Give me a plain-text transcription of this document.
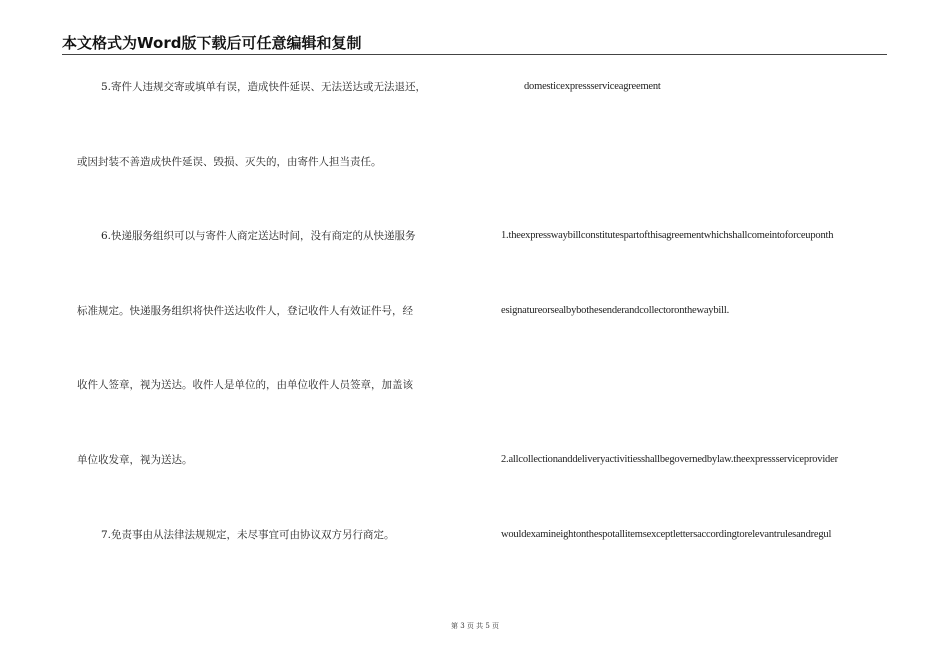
本文格式为Word版下载后可任意编辑和复制
5.寄件人违规交寄或填单有误，造成快件延误、无法送达或无法退还，
或因封装不善造成快件延误、毁损、灭失的，由寄件人担当责任。
6.快递服务组织可以与寄件人商定送达时间，没有商定的从快递服务
标准规定。快递服务组织将快件送达收件人，登记收件人有效证件号，经
收件人签章，视为送达。收件人是单位的，由单位收件人员签章，加盖该
单位收发章，视为送达。
7.免责事由从法律法规规定，未尽事宜可由协议双方另行商定。
domesticexpressserviceagreement
1.theexpresswaybillconstitutespartofthisagreementwhichshallcomeintoforceuponth
esignatureorsealbybothesenderandcollectoronthewaybill.
2.allcollectionanddeliveryactivitiesshallbegovernedbylaw.theexpressserviceprovider
wouldexamineightonthespotallitemsexceptlettersaccordingtorelevantrulesandregul
第 3 页 共 5 页
